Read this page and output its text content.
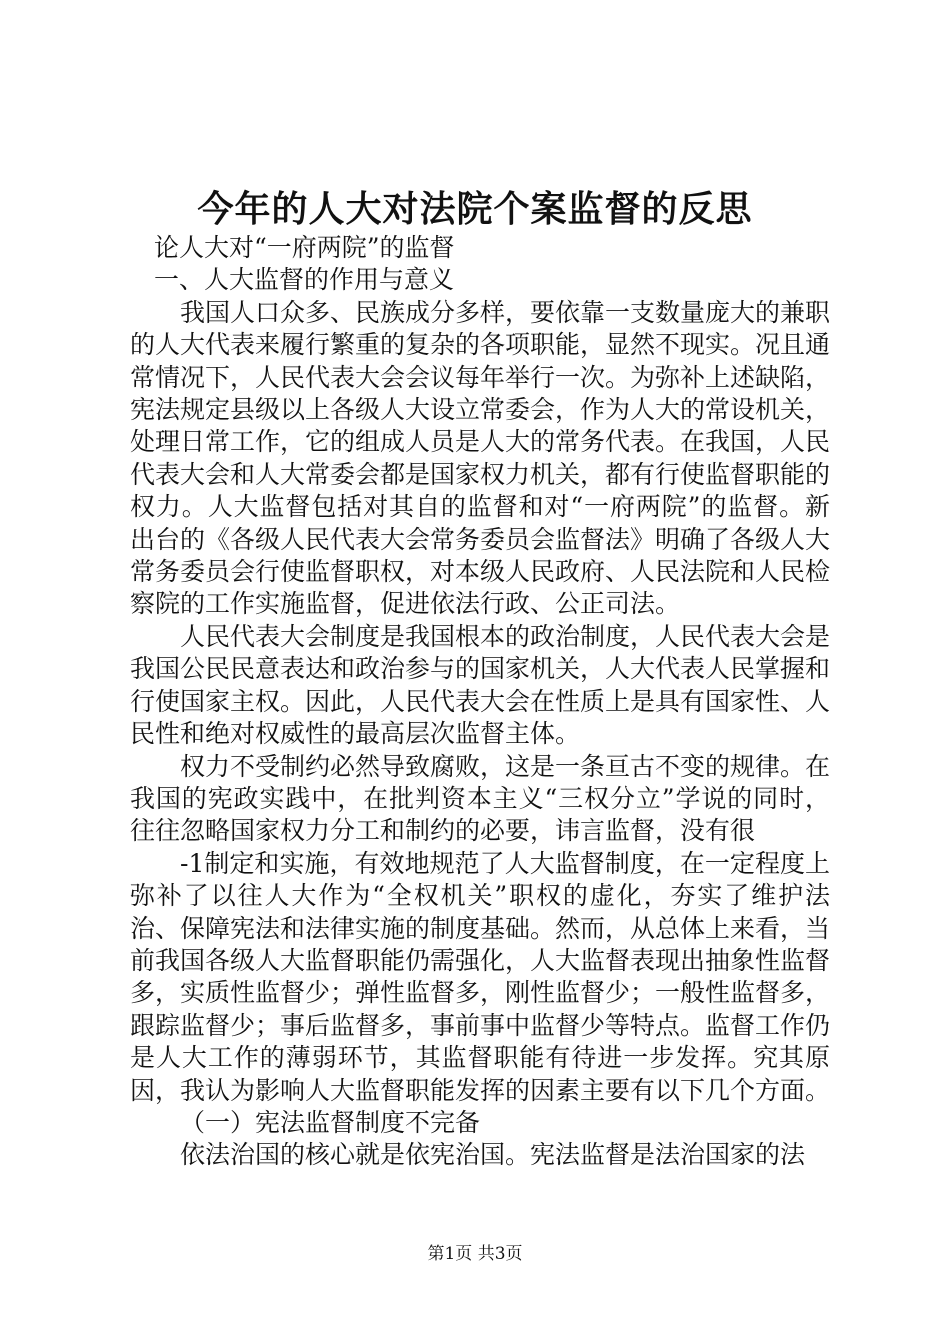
今年的人大对法院个案监督的反思

论人大对“一府两院”的监督

一、人大监督的作用与意义

我国人口众多、民族成分多样，要依靠一支数量庞大的兼职的人大代表来履行繁重的复杂的各项职能，显然不现实。况且通常情况下，人民代表大会会议每年举行一次。为弥补上述缺陷，宪法规定县级以上各级人大设立常委会，作为人大的常设机关，处理日常工作，它的组成人员是人大的常务代表。在我国，人民代表大会和人大常委会都是国家权力机关，都有行使监督职能的权力。人大监督包括对其自的监督和对“一府两院”的监督。新出台的《各级人民代表大会常务委员会监督法》明确了各级人大常务委员会行使监督职权，对本级人民政府、人民法院和人民检察院的工作实施监督，促进依法行政、公正司法。

人民代表大会制度是我国根本的政治制度，人民代表大会是我国公民民意表达和政治参与的国家机关，人大代表人民掌握和行使国家主权。因此，人民代表大会在性质上是具有国家性、人民性和绝对权威性的最高层次监督主体。

权力不受制约必然导致腐败，这是一条亘古不变的规律。在我国的宪政实践中，在批判资本主义“三权分立”学说的同时，往往忽略国家权力分工和制约的必要，讳言监督，没有很

-1制定和实施，有效地规范了人大监督制度，在一定程度上弥补了以往人大作为“全权机关”职权的虚化，夯实了维护法治、保障宪法和法律实施的制度基础。然而，从总体上来看，当前我国各级人大监督职能仍需强化，人大监督表现出抽象性监督多，实质性监督少；弹性监督多，刚性监督少；一般性监督多，跟踪监督少；事后监督多，事前事中监督少等特点。监督工作仍是人大工作的薄弱环节，其监督职能有待进一步发挥。究其原因，我认为影响人大监督职能发挥的因素主要有以下几个方面。

（一）宪法监督制度不完备

依法治国的核心就是依宪治国。宪法监督是法治国家的法

第1页 共3页
